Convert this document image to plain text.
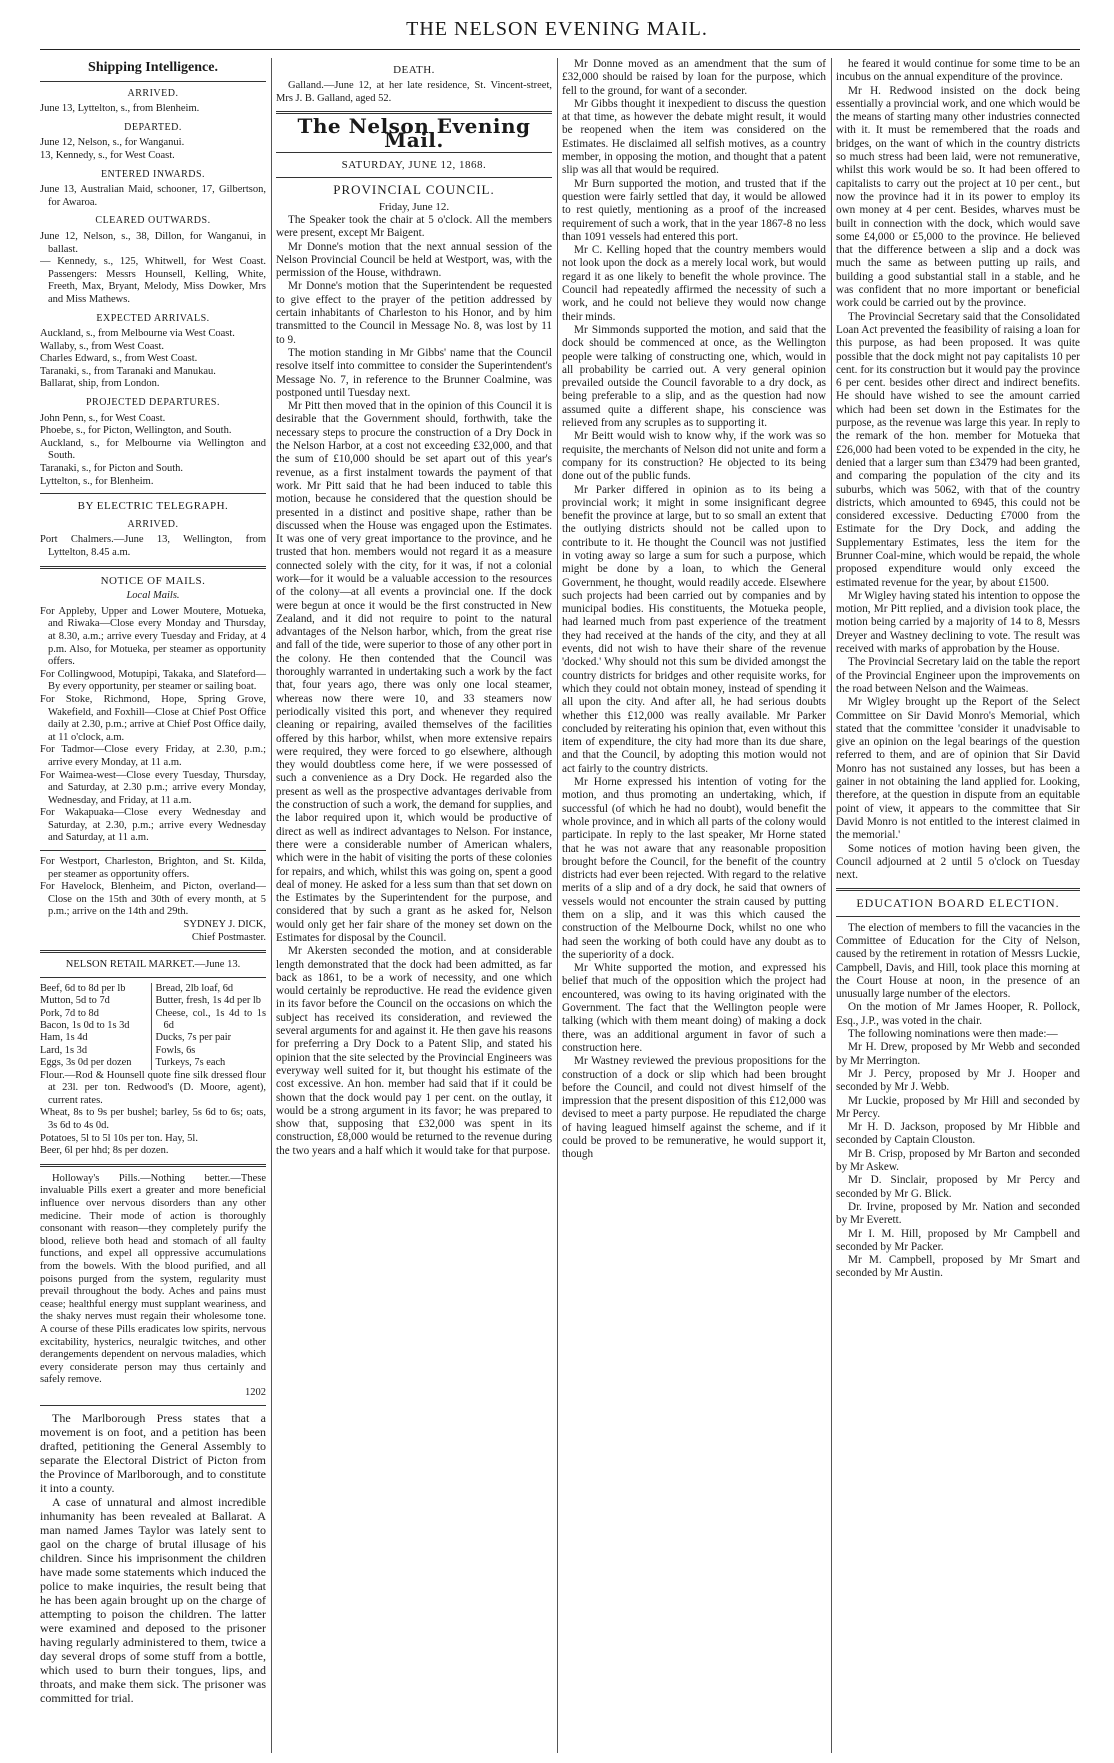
THE NELSON EVENING MAIL.
Shipping Intelligence.
ARRIVED.
June 13, Lyttelton, s., from Blenheim.
DEPARTED.
June 12, Nelson, s., for Wanganui.
13, Kennedy, s., for West Coast.
ENTERED INWARDS.
June 13, Australian Maid, schooner, 17, Gilbertson, for Awaroa.
CLEARED OUTWARDS.
June 12, Nelson, s., 38, Dillon, for Wanganui, in ballast.
— Kennedy, s., 125, Whitwell, for West Coast. Passengers: Messrs Hounsell, Kelling, White, Freeth, Max, Bryant, Melody, Miss Dowker, Mrs and Miss Mathews.
EXPECTED ARRIVALS.
Auckland, s., from Melbourne via West Coast.
Wallaby, s., from West Coast.
Charles Edward, s., from West Coast.
Taranaki, s., from Taranaki and Manukau.
Ballarat, ship, from London.
PROJECTED DEPARTURES.
John Penn, s., for West Coast.
Phoebe, s., for Picton, Wellington, and South.
Auckland, s., for Melbourne via Wellington and South.
Taranaki, s., for Picton and South.
Lyttelton, s., for Blenheim.
BY ELECTRIC TELEGRAPH.
ARRIVED.
Port Chalmers.—June 13, Wellington, from Lyttelton, 8.45 a.m.
NOTICE OF MAILS.
Local Mails.
For Appleby, Upper and Lower Moutere, Motueka, and Riwaka—Close every Monday and Thursday, at 8.30, a.m.; arrive every Tuesday and Friday, at 4 p.m. Also, for Motueka, per steamer as opportunity offers.
For Collingwood, Motupipi, Takaka, and Slateford—By every opportunity, per steamer or sailing boat.
For Stoke, Richmond, Hope, Spring Grove, Wakefield, and Foxhill—Close at Chief Post Office daily at 2.30, p.m.; arrive at Chief Post Office daily, at 11 o'clock, a.m.
For Tadmor—Close every Friday, at 2.30, p.m.; arrive every Monday, at 11 a.m.
For Waimea-west—Close every Tuesday, Thursday, and Saturday, at 2.30 p.m.; arrive every Monday, Wednesday, and Friday, at 11 a.m.
For Wakapuaka—Close every Wednesday and Saturday, at 2.30, p.m.; arrive every Wednesday and Saturday, at 11 a.m.
For Westport, Charleston, Brighton, and St. Kilda, per steamer as opportunity offers.
For Havelock, Blenheim, and Picton, overland—Close on the 15th and 30th of every month, at 5 p.m.; arrive on the 14th and 29th.
SYDNEY J. DICK,
Chief Postmaster.
NELSON RETAIL MARKET.—June 13.
Beef, 6d to 8d per lb
Mutton, 5d to 7d
Pork, 7d to 8d
Bacon, 1s 0d to 1s 3d
Ham, 1s 4d
Lard, 1s 3d
Eggs, 3s 0d per dozen
Bread, 2lb loaf, 6d
Butter, fresh, 1s 4d per lb
Cheese, col., 1s 4d to 1s 6d
Ducks, 7s per pair
Fowls, 6s
Turkeys, 7s each
Flour.—Rod & Hounsell quote fine silk dressed flour at 23l. per ton. Redwood's (D. Moore, agent), current rates.
Wheat, 8s to 9s per bushel; barley, 5s 6d to 6s; oats, 3s 6d to 4s 0d.
Potatoes, 5l to 5l 10s per ton. Hay, 5l.
Beer, 6l per hhd; 8s per dozen.

Holloway's Pills.—Nothing better.—These invaluable Pills exert a greater and more beneficial influence over nervous disorders than any other medicine. Their mode of action is thoroughly consonant with reason—they completely purify the blood, relieve both head and stomach of all faulty functions, and expel all oppressive accumulations from the bowels. With the blood purified, and all poisons purged from the system, regularity must prevail throughout the body. Aches and pains must cease; healthful energy must supplant weariness, and the shaky nerves must regain their wholesome tone. A course of these Pills eradicates low spirits, nervous excitability, hysterics, neuralgic twitches, and other derangements dependent on nervous maladies, which every considerate person may thus certainly and safely remove.

1202

The Marlborough Press states that a movement is on foot, and a petition has been drafted, petitioning the General Assembly to separate the Electoral District of Picton from the Province of Marlborough, and to constitute it into a county.

A case of unnatural and almost incredible inhumanity has been revealed at Ballarat. A man named James Taylor was lately sent to gaol on the charge of brutal illusage of his children. Since his imprisonment the children have made some statements which induced the police to make inquiries, the result being that he has been again brought up on the charge of attempting to poison the children. The latter were examined and deposed to the prisoner having regularly administered to them, twice a day several drops of some stuff from a bottle, which used to burn their tongues, lips, and throats, and make them sick. The prisoner was committed for trial.

DEATH.

Galland.—June 12, at her late residence, St. Vincent-street, Mrs J. B. Galland, aged 52.

The Nelson Evening Mail.
SATURDAY, JUNE 12, 1868.
PROVINCIAL COUNCIL.
Friday, June 12.

The Speaker took the chair at 5 o'clock. All the members were present, except Mr Baigent.

Mr Donne's motion that the next annual session of the Nelson Provincial Council be held at Westport, was, with the permission of the House, withdrawn.

Mr Donne's motion that the Superintendent be requested to give effect to the prayer of the petition addressed by certain inhabitants of Charleston to his Honor, and by him transmitted to the Council in Message No. 8, was lost by 11 to 9.

The motion standing in Mr Gibbs' name that the Council resolve itself into committee to consider the Superintendent's Message No. 7, in reference to the Brunner Coalmine, was postponed until Tuesday next.

Mr Pitt then moved that in the opinion of this Council it is desirable that the Government should, forthwith, take the necessary steps to procure the construction of a Dry Dock in the Nelson Harbor, at a cost not exceeding £32,000, and that the sum of £10,000 should be set apart out of this year's revenue, as a first instalment towards the payment of that work. Mr Pitt said that he had been induced to table this motion, because he considered that the question should be presented in a distinct and positive shape, rather than be discussed when the House was engaged upon the Estimates. It was one of very great importance to the province, and he trusted that hon. members would not regard it as a measure connected solely with the city, for it was, if not a colonial work—for it would be a valuable accession to the resources of the colony—at all events a provincial one. If the dock were begun at once it would be the first constructed in New Zealand, and it did not require to point to the natural advantages of the Nelson harbor, which, from the great rise and fall of the tide, were superior to those of any other port in the colony. He then contended that the Council was thoroughly warranted in undertaking such a work by the fact that, four years ago, there was only one local steamer, whereas now there were 10, and 33 steamers now periodically visited this port, and whenever they required cleaning or repairing, availed themselves of the facilities offered by this harbor, whilst, when more extensive repairs were required, they were forced to go elsewhere, although they would doubtless come here, if we were possessed of such a convenience as a Dry Dock. He regarded also the present as well as the prospective advantages derivable from the construction of such a work, the demand for supplies, and the labor required upon it, which would be productive of direct as well as indirect advantages to Nelson. For instance, there were a considerable number of American whalers, which were in the habit of visiting the ports of these colonies for repairs, and which, whilst this was going on, spent a good deal of money. He asked for a less sum than that set down on the Estimates by the Superintendent for the purpose, and considered that by such a grant as he asked for, Nelson would only get her fair share of the money set down on the Estimates for disposal by the Council.

Mr Akersten seconded the motion, and at considerable length demonstrated that the dock had been admitted, as far back as 1861, to be a work of necessity, and one which would certainly be reproductive. He read the evidence given in its favor before the Council on the occasions on which the subject has received its consideration, and reviewed the several arguments for and against it. He then gave his reasons for preferring a Dry Dock to a Patent Slip, and stated his opinion that the site selected by the Provincial Engineers was everyway well suited for it, but thought his estimate of the cost excessive. An hon. member had said that if it could be shown that the dock would pay 1 per cent. on the outlay, it would be a strong argument in its favor; he was prepared to show that, supposing that £32,000 was spent in its construction, £8,000 would be returned to the revenue during the two years and a half which it would take for that purpose.

Mr Donne moved as an amendment that the sum of £32,000 should be raised by loan for the purpose, which fell to the ground, for want of a seconder.

Mr Gibbs thought it inexpedient to discuss the question at that time, as however the debate might result, it would be reopened when the item was considered on the Estimates. He disclaimed all selfish motives, as a country member, in opposing the motion, and thought that a patent slip was all that would be required.

Mr Burn supported the motion, and trusted that if the question were fairly settled that day, it would be allowed to rest quietly, mentioning as a proof of the increased requirement of such a work, that in the year 1867-8 no less than 1091 vessels had entered this port.

Mr C. Kelling hoped that the country members would not look upon the dock as a merely local work, but would regard it as one likely to benefit the whole province. The Council had repeatedly affirmed the necessity of such a work, and he could not believe they would now change their minds.

Mr Simmonds supported the motion, and said that the dock should be commenced at once, as the Wellington people were talking of constructing one, which, would in all probability be carried out. A very general opinion prevailed outside the Council favorable to a dry dock, as being preferable to a slip, and as the question had now assumed quite a different shape, his conscience was relieved from any scruples as to supporting it.

Mr Beitt would wish to know why, if the work was so requisite, the merchants of Nelson did not unite and form a company for its construction? He objected to its being done out of the public funds.

Mr Parker differed in opinion as to its being a provincial work; it might in some insignificant degree benefit the province at large, but to so small an extent that the outlying districts should not be called upon to contribute to it. He thought the Council was not justified in voting away so large a sum for such a purpose, which might be done by a loan, to which the General Government, he thought, would readily accede. Elsewhere such projects had been carried out by companies and by municipal bodies. His constituents, the Motueka people, had learned much from past experience of the treatment they had received at the hands of the city, and they at all events, did not wish to have their share of the revenue 'docked.' Why should not this sum be divided amongst the country districts for bridges and other requisite works, for which they could not obtain money, instead of spending it all upon the city. And after all, he had serious doubts whether this £12,000 was really available. Mr Parker concluded by reiterating his opinion that, even without this item of expenditure, the city had more than its due share, and that the Council, by adopting this motion would not act fairly to the country districts.

Mr Horne expressed his intention of voting for the motion, and thus promoting an undertaking, which, if successful (of which he had no doubt), would benefit the whole province, and in which all parts of the colony would participate. In reply to the last speaker, Mr Horne stated that he was not aware that any reasonable proposition brought before the Council, for the benefit of the country districts had ever been rejected. With regard to the relative merits of a slip and of a dry dock, he said that owners of vessels would not encounter the strain caused by putting them on a slip, and it was this which caused the construction of the Melbourne Dock, whilst no one who had seen the working of both could have any doubt as to the superiority of a dock.

Mr White supported the motion, and expressed his belief that much of the opposition which the project had encountered, was owing to its having originated with the Government. The fact that the Wellington people were talking (which with them meant doing) of making a dock there, was an additional argument in favor of such a construction here.

Mr Wastney reviewed the previous propositions for the construction of a dock or slip which had been brought before the Council, and could not divest himself of the impression that the present disposition of this £12,000 was devised to meet a party purpose. He repudiated the charge of having leagued himself against the scheme, and if it could be proved to be remunerative, he would support it, though

he feared it would continue for some time to be an incubus on the annual expenditure of the province.

Mr H. Redwood insisted on the dock being essentially a provincial work, and one which would be the means of starting many other industries connected with it. It must be remembered that the roads and bridges, on the want of which in the country districts so much stress had been laid, were not remunerative, whilst this work would be so. It had been offered to capitalists to carry out the project at 10 per cent., but now the province had it in its power to employ its own money at 4 per cent. Besides, wharves must be built in connection with the dock, which would save some £4,000 or £5,000 to the province. He believed that the difference between a slip and a dock was much the same as between putting up rails, and building a good substantial stall in a stable, and he was confident that no more important or beneficial work could be carried out by the province.

The Provincial Secretary said that the Consolidated Loan Act prevented the feasibility of raising a loan for this purpose, as had been proposed. It was quite possible that the dock might not pay capitalists 10 per cent. for its construction but it would pay the province 6 per cent. besides other direct and indirect benefits. He should have wished to see the amount carried which had been set down in the Estimates for the purpose, as the revenue was large this year. In reply to the remark of the hon. member for Motueka that £26,000 had been voted to be expended in the city, he denied that a larger sum than £3479 had been granted, and comparing the population of the city and its suburbs, which was 5062, with that of the country districts, which amounted to 6945, this could not be considered excessive. Deducting £7000 from the Estimate for the Dry Dock, and adding the Supplementary Estimates, less the item for the Brunner Coal-mine, which would be repaid, the whole proposed expenditure would only exceed the estimated revenue for the year, by about £1500.

Mr Wigley having stated his intention to oppose the motion, Mr Pitt replied, and a division took place, the motion being carried by a majority of 14 to 8, Messrs Dreyer and Wastney declining to vote. The result was received with marks of approbation by the House.

The Provincial Secretary laid on the table the report of the Provincial Engineer upon the improvements on the road between Nelson and the Waimeas.

Mr Wigley brought up the Report of the Select Committee on Sir David Monro's Memorial, which stated that the committee 'consider it unadvisable to give an opinion on the legal bearings of the question referred to them, and are of opinion that Sir David Monro has not sustained any losses, but has been a gainer in not obtaining the land applied for. Looking, therefore, at the question in dispute from an equitable point of view, it appears to the committee that Sir David Monro is not entitled to the interest claimed in the memorial.'

Some notices of motion having been given, the Council adjourned at 2 until 5 o'clock on Tuesday next.

EDUCATION BOARD ELECTION.

The election of members to fill the vacancies in the Committee of Education for the City of Nelson, caused by the retirement in rotation of Messrs Luckie, Campbell, Davis, and Hill, took place this morning at the Court House at noon, in the presence of an unusually large number of the electors.

On the motion of Mr James Hooper, R. Pollock, Esq., J.P., was voted in the chair.

The following nominations were then made:—

Mr H. Drew, proposed by Mr Webb and seconded by Mr Merrington.

Mr J. Percy, proposed by Mr J. Hooper and seconded by Mr J. Webb.

Mr Luckie, proposed by Mr Hill and seconded by Mr Percy.

Mr H. D. Jackson, proposed by Mr Hibble and seconded by Captain Clouston.

Mr B. Crisp, proposed by Mr Barton and seconded by Mr Askew.

Mr D. Sinclair, proposed by Mr Percy and seconded by Mr G. Blick.

Dr. Irvine, proposed by Mr. Nation and seconded by Mr Everett.

Mr I. M. Hill, proposed by Mr Campbell and seconded by Mr Packer.

Mr M. Campbell, proposed by Mr Smart and seconded by Mr Austin.
